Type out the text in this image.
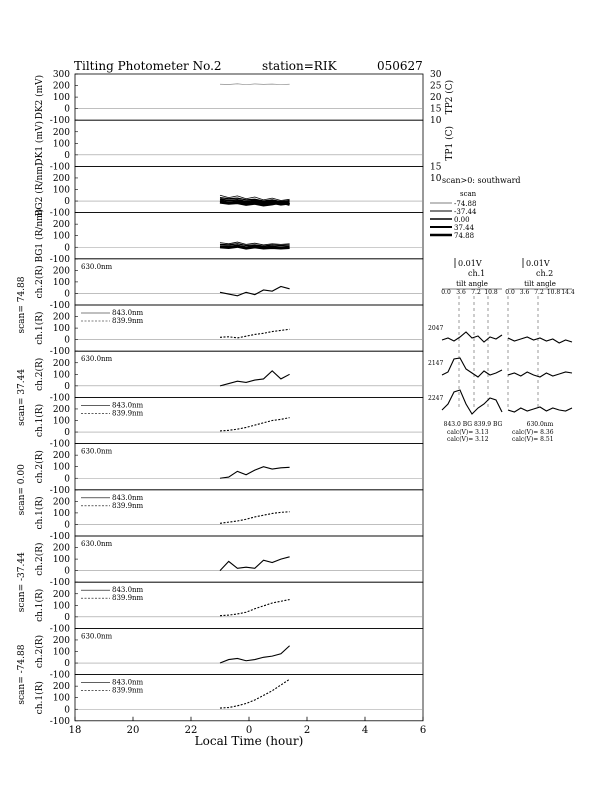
Tilting Photometer No.2	station=RIK	050627
300
200
100
0
-100
DK2 (mV)
200
100
0
-100
DK1 (mV)
200
100
0
-100
BG2 (R/nm)
200
100
0
-100
BG1 (R/nm)
200
100
0
-100
ch.2(R)	630.0nm
200
100
0
-100
ch.1(R)	843.0nm
839.9nm
200
100
0
-100
ch.2(R)	630.0nm
200
100
0
-100
ch.1(R)	843.0nm
839.9nm
200
100
0
-100
ch.2(R)	630.0nm
200
100
0
-100
ch.1(R)	843.0nm
839.9nm
200
100
0
-100
ch.2(R)	630.0nm
200
100
0
-100
ch.1(R)	843.0nm
839.9nm
200
100
0
-100
ch.2(R)	630.0nm
200
100
0
-100
ch.1(R)	843.0nm
839.9nm
scan= 74.88
scan= 37.44
scan= 0.00
scan= -37.44
scan= -74.88
18	20	22	0	2	4	6
Local Time (hour)
30
25
20
15
10
15
10
TP2 (C)
TP1 (C)
scan>0: southward
scan
-74.88
-37.44
0.00
37.44
74.88
0.01V
ch.1
0.01V
ch.2
tilt angle	tilt angle
0.0 3.6 7.2 10.8 0.0 3.6 7.2 10.8 14.4
2047
2147
2247
843.0 BG 839.9 BG	630.0nm
calc(V)= 3.13
calc(V)= 3.12
calc(V)= 8.36
calc(V)= 8.51
